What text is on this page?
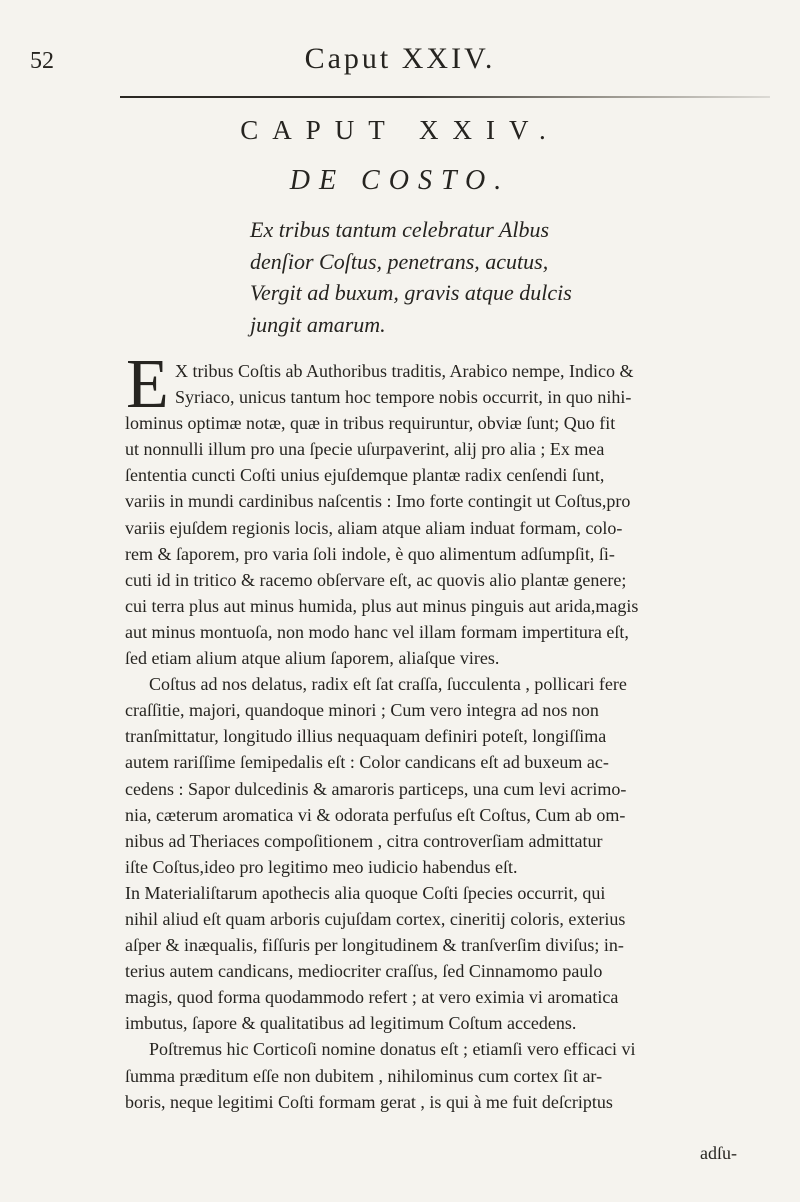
52	Caput XXIV.
CAPUT XXIV.
DE COSTO.
Ex tribus tantum celebratur Albus
denſior Coſtus, penetrans, acutus,
Vergit ad buxum, gravis atque dulcis
jungit amarum.
E X tribus Coſtis ab Authoribus traditis, Arabico nempe, Indico &
Syriaco, unicus tantum hoc tempore nobis occurrit, in quo nihi-
lominus optimæ notæ, quæ in tribus requiruntur, obviæ ſunt; Quo fit
ut nonnulli illum pro una ſpecie uſurpaverint, alij pro alia ; Ex mea
ſententia cuncti Coſti unius ejuſdemque plantæ radix cenſendi ſunt,
variis in mundi cardinibus naſcentis : Imo forte contingit ut Coſtus,pro
variis ejuſdem regionis locis, aliam atque aliam induat formam, colo-
rem & ſaporem, pro varia ſoli indole, è quo alimentum adſumpſit, ſi-
cuti id in tritico & racemo obſervare eſt, ac quovis alio plantæ genere;
cui terra plus aut minus humida, plus aut minus pinguis aut arida,magis
aut minus montuoſa, non modo hanc vel illam formam impertitura eſt,
ſed etiam alium atque alium ſaporem, aliaſque vires.
Coſtus ad nos delatus, radix eſt ſat craſſa, ſucculenta , pollicari fere
craſſitie, majori, quandoque minori ; Cum vero integra ad nos non
tranſmittatur, longitudo illius nequaquam definiri poteſt, longiſſima
autem rariſſime ſemipedalis eſt : Color candicans eſt ad buxeum ac-
cedens : Sapor dulcedinis & amaroris particeps, una cum levi acrimo-
nia, cæterum aromatica vi & odorata perfuſus eſt Coſtus, Cum ab om-
nibus ad Theriaces compoſitionem , citra controverſiam admittatur
iſte Coſtus,ideo pro legitimo meo iudicio habendus eſt.
In Materialiſtarum apothecis alia quoque Coſti ſpecies occurrit, qui
nihil aliud eſt quam arboris cujuſdam cortex, cineritij coloris, exterius
aſper & inæqualis, fiſſuris per longitudinem & tranſverſim diviſus; in-
terius autem candicans, mediocriter craſſus, ſed Cinnamomo paulo
magis, quod forma quodammodo refert ; at vero eximia vi aromatica
imbutus, ſapore & qualitatibus ad legitimum Coſtum accedens.
Poſtremus hic Corticoſi nomine donatus eſt ; etiamſi vero efficaci vi
ſumma præditum eſſe non dubitem , nihilominus cum cortex ſit ar-
boris, neque legitimi Coſti formam gerat , is qui à me fuit deſcriptus
adſu-
